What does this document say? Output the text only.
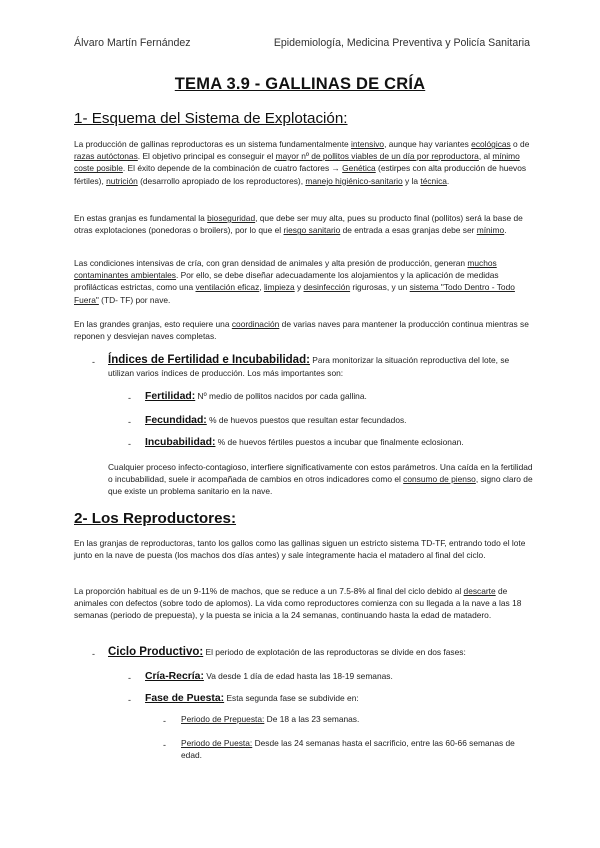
Álvaro Martín Fernández	Epidemiología, Medicina Preventiva y Policía Sanitaria
TEMA 3.9 - GALLINAS DE CRÍA
1- Esquema del Sistema de Explotación:
La producción de gallinas reproductoras es un sistema fundamentalmente intensivo, aunque hay variantes ecológicas o de razas autóctonas. El objetivo principal es conseguir el mayor nº de pollitos viables de un día por reproductora, al mínimo coste posible. El éxito depende de la combinación de cuatro factores → Genética (estirpes con alta producción de huevos fértiles), nutrición (desarrollo apropiado de los reproductores), manejo higiénico-sanitario y la técnica.
En estas granjas es fundamental la bioseguridad, que debe ser muy alta, pues su producto final (pollitos) será la base de otras explotaciones (ponedoras o broilers), por lo que el riesgo sanitario de entrada a esas granjas debe ser mínimo.
Las condiciones intensivas de cría, con gran densidad de animales y alta presión de producción, generan muchos contaminantes ambientales. Por ello, se debe diseñar adecuadamente los alojamientos y la aplicación de medidas profilácticas estrictas, como una ventilación eficaz, limpieza y desinfección rigurosas, y un sistema "Todo Dentro - Todo Fuera" (TD- TF) por nave.
En las grandes granjas, esto requiere una coordinación de varias naves para mantener la producción continua mientras se reponen y desviejan naves completas.
- Índices de Fertilidad e Incubabilidad: Para monitorizar la situación reproductiva del lote, se utilizan varios índices de producción. Los más importantes son:
- Fertilidad: Nº medio de pollitos nacidos por cada gallina.
- Fecundidad: % de huevos puestos que resultan estar fecundados.
- Incubabilidad: % de huevos fértiles puestos a incubar que finalmente eclosionan.
Cualquier proceso infecto-contagioso, interfiere significativamente con estos parámetros. Una caída en la fertilidad o incubabilidad, suele ir acompañada de cambios en otros indicadores como el consumo de pienso, signo claro de que existe un problema sanitario en la nave.
2- Los Reproductores:
En las granjas de reproductoras, tanto los gallos como las gallinas siguen un estricto sistema TD-TF, entrando todo el lote junto en la nave de puesta (los machos dos días antes) y sale íntegramente hacia el matadero al final del ciclo.
La proporción habitual es de un 9-11% de machos, que se reduce a un 7.5-8% al final del ciclo debido al descarte de animales con defectos (sobre todo de aplomos). La vida como reproductores comienza con su llegada a la nave a las 18 semanas (periodo de prepuesta), y la puesta se inicia a la 24 semanas, continuando hasta la edad de matadero.
- Ciclo Productivo: El periodo de explotación de las reproductoras se divide en dos fases:
- Cría-Recría: Va desde 1 día de edad hasta las 18-19 semanas.
- Fase de Puesta: Esta segunda fase se subdivide en:
- Periodo de Prepuesta: De 18 a las 23 semanas.
- Periodo de Puesta: Desde las 24 semanas hasta el sacrificio, entre las 60-66 semanas de edad.
